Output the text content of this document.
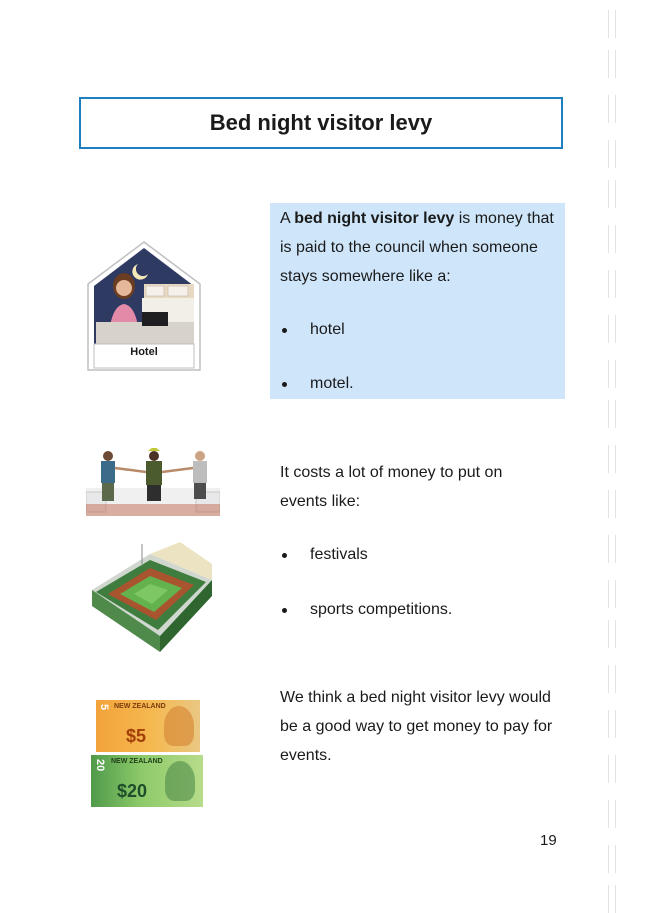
Bed night visitor levy
Hotel
A bed night visitor levy is money that is paid to the council when someone stays somewhere like a:
hotel
motel.
It costs a lot of money to put on events like:
festivals
sports competitions.
5 NEW ZEALAND
$5
20 NEW ZEALAND
$20
We think a bed night visitor levy would be a good way to get money to pay for events.
19
